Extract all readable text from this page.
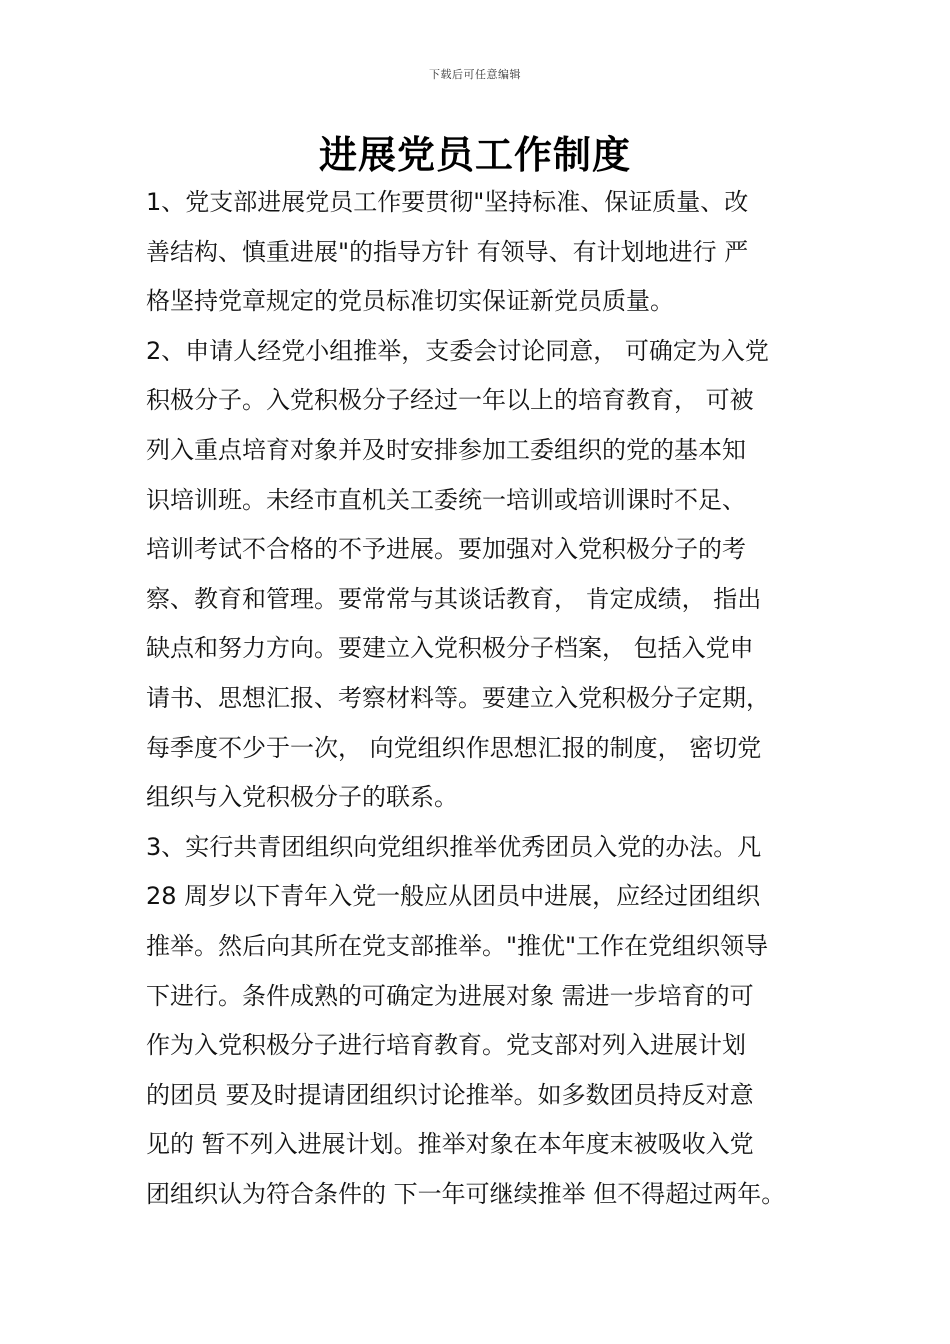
下载后可任意编辑
进展党员工作制度
1、党支部进展党员工作要贯彻"坚持标准、保证质量、改
善结构、慎重进展"的指导方针 有领导、有计划地进行 严
格坚持党章规定的党员标准切实保证新党员质量。
2、申请人经党小组推举，支委会讨论同意， 可确定为入党
积极分子。入党积极分子经过一年以上的培育教育， 可被
列入重点培育对象并及时安排参加工委组织的党的基本知
识培训班。未经市直机关工委统一培训或培训课时不足、
培训考试不合格的不予进展。要加强对入党积极分子的考
察、教育和管理。要常常与其谈话教育， 肯定成绩， 指出
缺点和努力方向。要建立入党积极分子档案， 包括入党申
请书、思想汇报、考察材料等。要建立入党积极分子定期，
每季度不少于一次， 向党组织作思想汇报的制度， 密切党
组织与入党积极分子的联系。
3、实行共青团组织向党组织推举优秀团员入党的办法。凡
28 周岁以下青年入党一般应从团员中进展，应经过团组织
推举。然后向其所在党支部推举。"推优"工作在党组织领导
下进行。条件成熟的可确定为进展对象 需进一步培育的可
作为入党积极分子进行培育教育。党支部对列入进展计划
的团员 要及时提请团组织讨论推举。如多数团员持反对意
见的 暂不列入进展计划。推举对象在本年度末被吸收入党
团组织认为符合条件的 下一年可继续推举 但不得超过两年。
